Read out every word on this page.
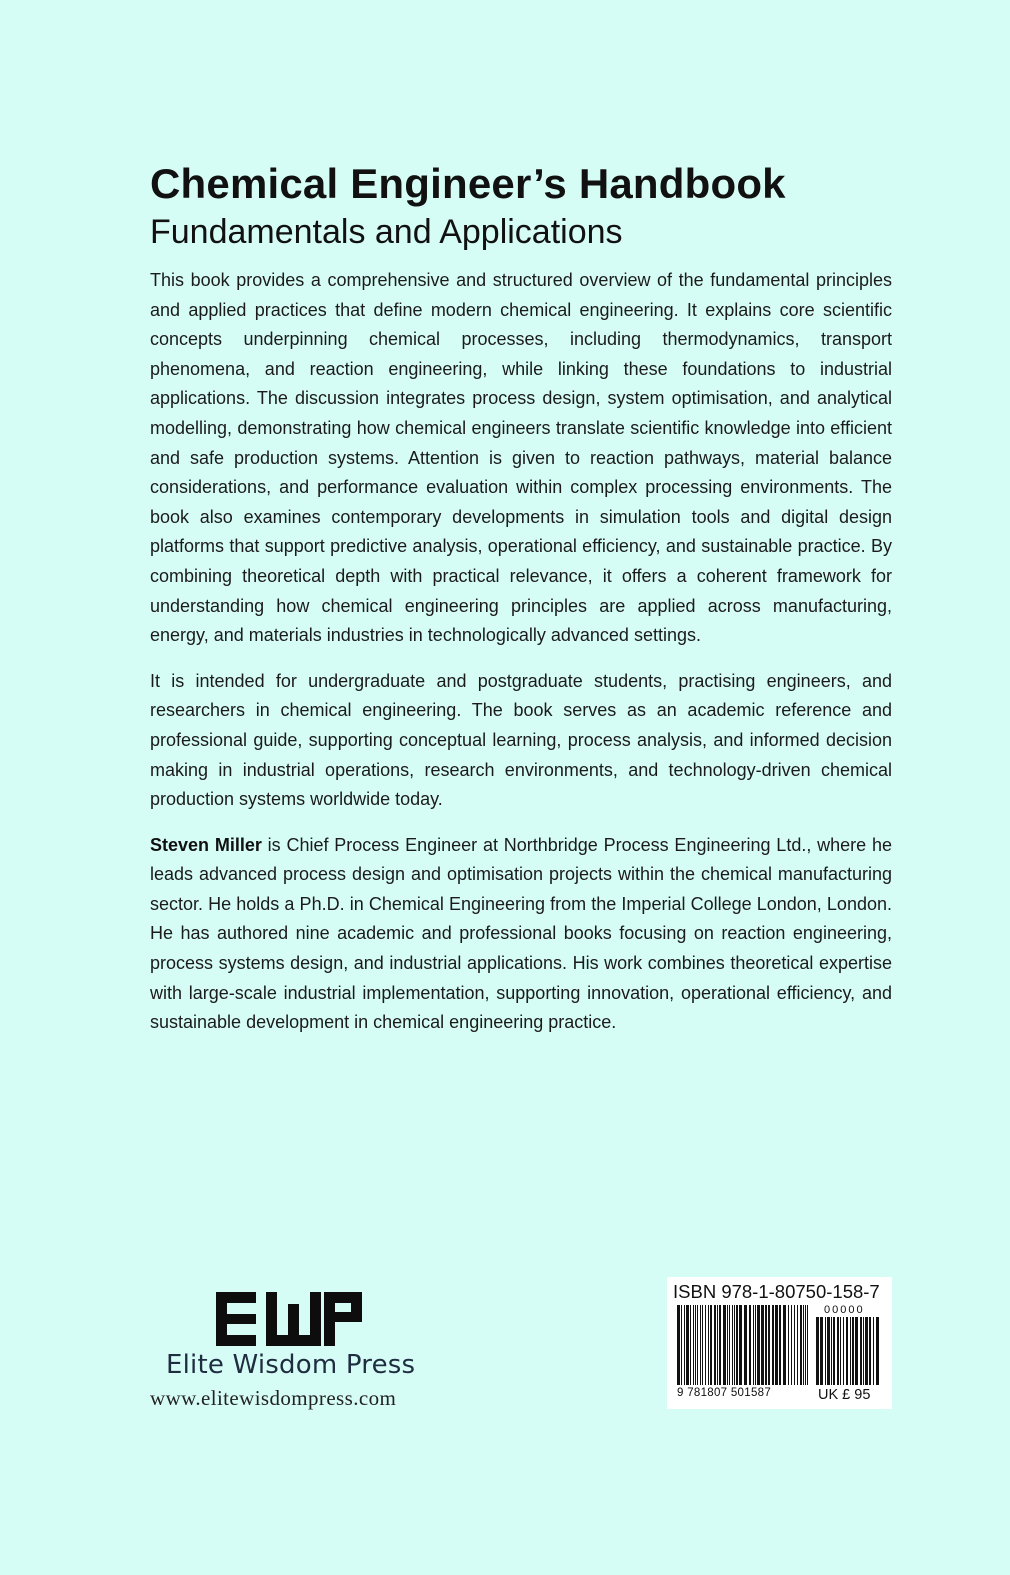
Chemical Engineer’s Handbook
Fundamentals and Applications

This book provides a comprehensive and structured overview of the fundamental principles and applied practices that define modern chemical engineering. It explains core scientific concepts underpinning chemical processes, including thermodynamics, transport phenomena, and reaction engineering, while linking these foundations to industrial applications. The discussion integrates process design, system optimisation, and analytical modelling, demonstrating how chemical engineers translate scientific knowledge into efficient and safe production systems. Attention is given to reaction pathways, material balance considerations, and performance evaluation within complex processing environments. The book also examines contemporary developments in simulation tools and digital design platforms that support predictive analysis, operational efficiency, and sustainable practice. By combining theoretical depth with practical relevance, it offers a coherent framework for understanding how chemical engineering principles are applied across manufacturing, energy, and materials industries in technologically advanced settings.

It is intended for undergraduate and postgraduate students, practising engineers, and researchers in chemical engineering. The book serves as an academic reference and professional guide, supporting conceptual learning, process analysis, and informed decision making in industrial operations, research environments, and technology-driven chemical production systems worldwide today.

Steven Miller is Chief Process Engineer at Northbridge Process Engineering Ltd., where he leads advanced process design and optimisation projects within the chemical manufacturing sector. He holds a Ph.D. in Chemical Engineering from the Imperial College London, London. He has authored nine academic and professional books focusing on reaction engineering, process systems design, and industrial applications. His work combines theoretical expertise with large-scale industrial implementation, supporting innovation, operational efficiency, and sustainable development in chemical engineering practice.

Elite Wisdom Press
www.elitewisdompress.com
ISBN 978-1-80750-158-7
00000
9 781807 501587	UK £ 95
